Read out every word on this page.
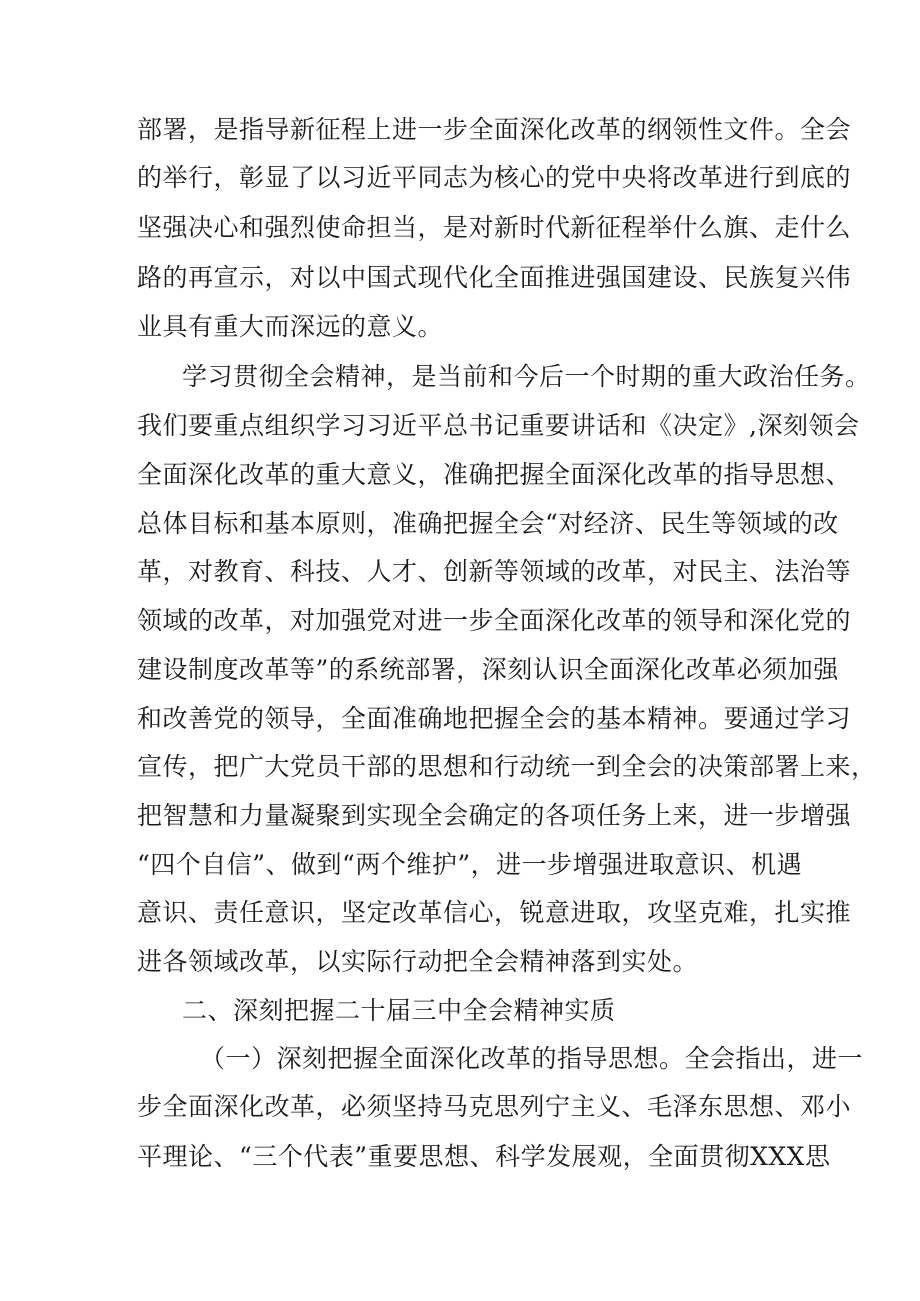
部署，是指导新征程上进一步全面深化改革的纲领性文件。全会
的举行，彰显了以习近平同志为核心的党中央将改革进行到底的
坚强决心和强烈使命担当，是对新时代新征程举什么旗、走什么
路的再宣示，对以中国式现代化全面推进强国建设、民族复兴伟
业具有重大而深远的意义。
学习贯彻全会精神，是当前和今后一个时期的重大政治任务。
我们要重点组织学习习近平总书记重要讲话和《决定》,深刻领会
全面深化改革的重大意义，准确把握全面深化改革的指导思想、
总体目标和基本原则，准确把握全会“对经济、民生等领域的改
革，对教育、科技、人才、创新等领域的改革，对民主、法治等
领域的改革，对加强党对进一步全面深化改革的领导和深化党的
建设制度改革等”的系统部署，深刻认识全面深化改革必须加强
和改善党的领导，全面准确地把握全会的基本精神。要通过学习
宣传，把广大党员干部的思想和行动统一到全会的决策部署上来，
把智慧和力量凝聚到实现全会确定的各项任务上来，进一步增强
“四个自信”、做到“两个维护”，进一步增强进取意识、机遇
意识、责任意识，坚定改革信心，锐意进取，攻坚克难，扎实推
进各领域改革，以实际行动把全会精神落到实处。
二、深刻把握二十届三中全会精神实质
（一）深刻把握全面深化改革的指导思想。全会指出，进一
步全面深化改革，必须坚持马克思列宁主义、毛泽东思想、邓小
平理论、“三个代表”重要思想、科学发展观，全面贯彻XXX思
